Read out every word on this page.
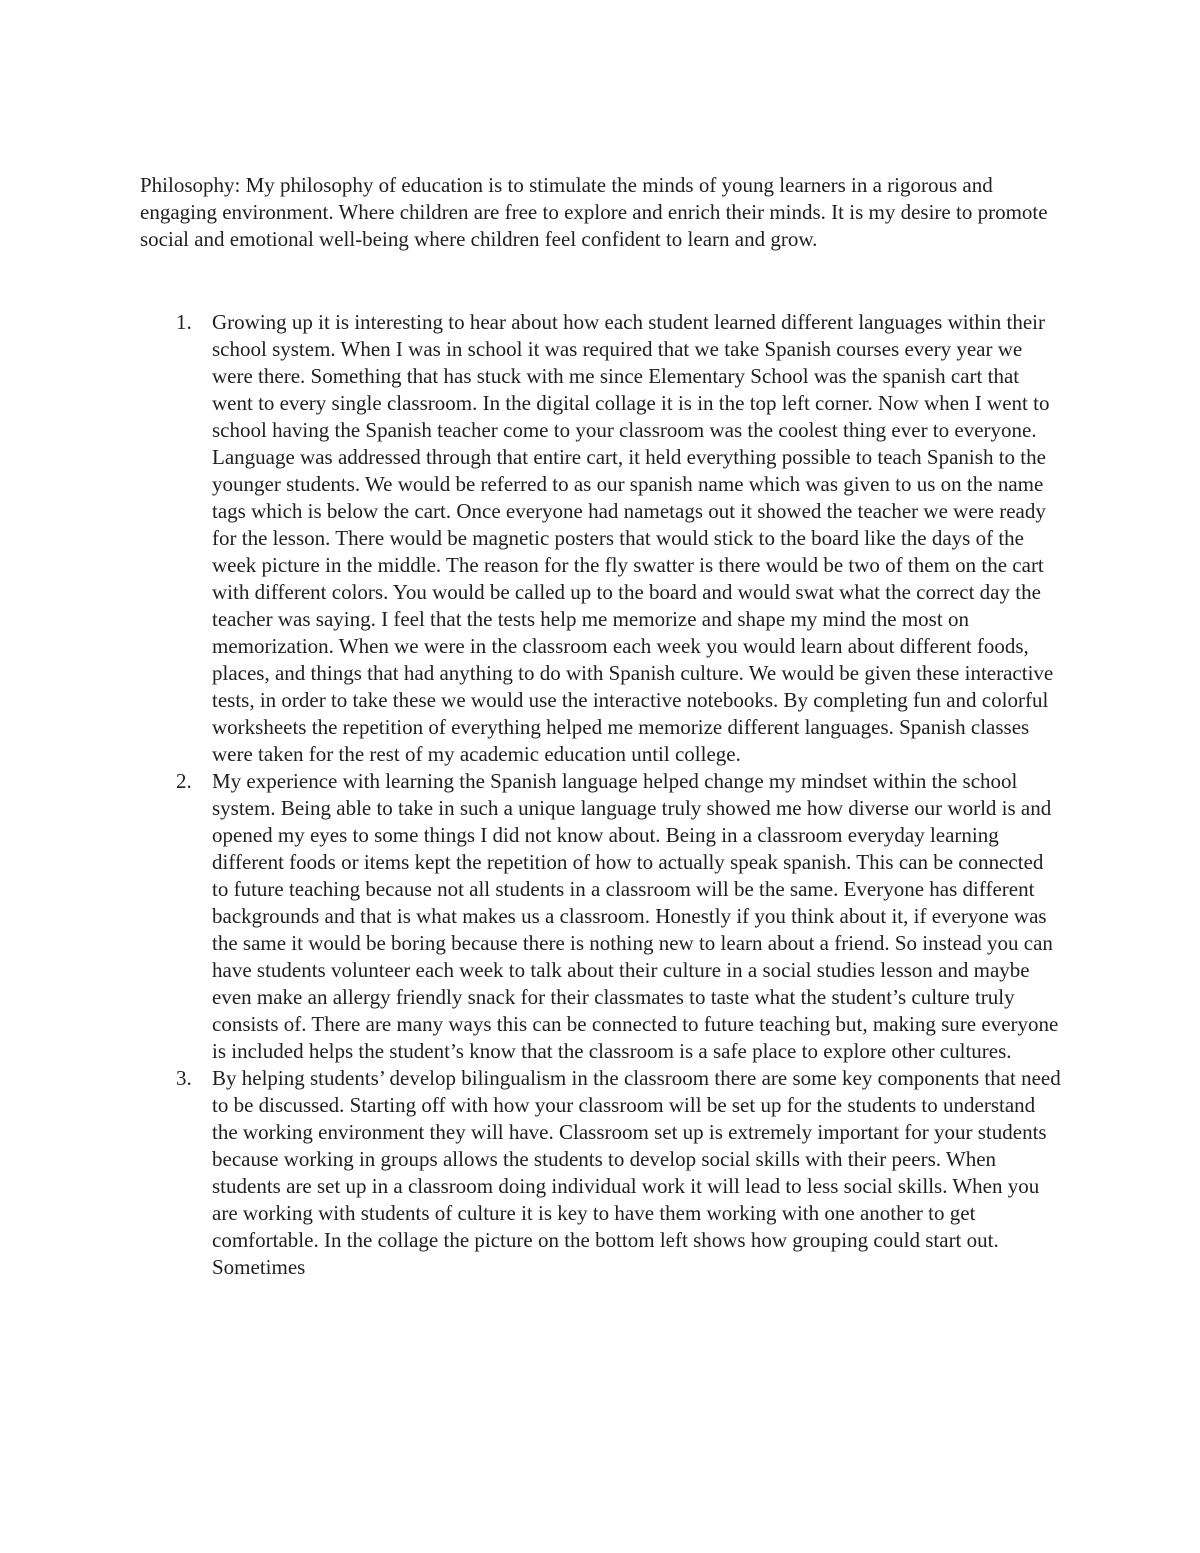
Philosophy: My philosophy of education is to stimulate the minds of young learners in a rigorous and engaging environment. Where children are free to explore and enrich their minds. It is my desire to promote social and emotional well-being where children feel confident to learn and grow.

1. Growing up it is interesting to hear about how each student learned different languages within their school system. When I was in school it was required that we take Spanish courses every year we were there. Something that has stuck with me since Elementary School was the spanish cart that went to every single classroom. In the digital collage it is in the top left corner. Now when I went to school having the Spanish teacher come to your classroom was the coolest thing ever to everyone. Language was addressed through that entire cart, it held everything possible to teach Spanish to the younger students. We would be referred to as our spanish name which was given to us on the name tags which is below the cart. Once everyone had nametags out it showed the teacher we were ready for the lesson. There would be magnetic posters that would stick to the board like the days of the week picture in the middle. The reason for the fly swatter is there would be two of them on the cart with different colors. You would be called up to the board and would swat what the correct day the teacher was saying. I feel that the tests help me memorize and shape my mind the most on memorization. When we were in the classroom each week you would learn about different foods, places, and things that had anything to do with Spanish culture. We would be given these interactive tests, in order to take these we would use the interactive notebooks. By completing fun and colorful worksheets the repetition of everything helped me memorize different languages. Spanish classes were taken for the rest of my academic education until college.
2. My experience with learning the Spanish language helped change my mindset within the school system. Being able to take in such a unique language truly showed me how diverse our world is and opened my eyes to some things I did not know about. Being in a classroom everyday learning different foods or items kept the repetition of how to actually speak spanish. This can be connected to future teaching because not all students in a classroom will be the same. Everyone has different backgrounds and that is what makes us a classroom. Honestly if you think about it, if everyone was the same it would be boring because there is nothing new to learn about a friend. So instead you can have students volunteer each week to talk about their culture in a social studies lesson and maybe even make an allergy friendly snack for their classmates to taste what the student’s culture truly consists of. There are many ways this can be connected to future teaching but, making sure everyone is included helps the student’s know that the classroom is a safe place to explore other cultures.
3. By helping students’ develop bilingualism in the classroom there are some key components that need to be discussed. Starting off with how your classroom will be set up for the students to understand the working environment they will have. Classroom set up is extremely important for your students because working in groups allows the students to develop social skills with their peers. When students are set up in a classroom doing individual work it will lead to less social skills. When you are working with students of culture it is key to have them working with one another to get comfortable. In the collage the picture on the bottom left shows how grouping could start out. Sometimes
